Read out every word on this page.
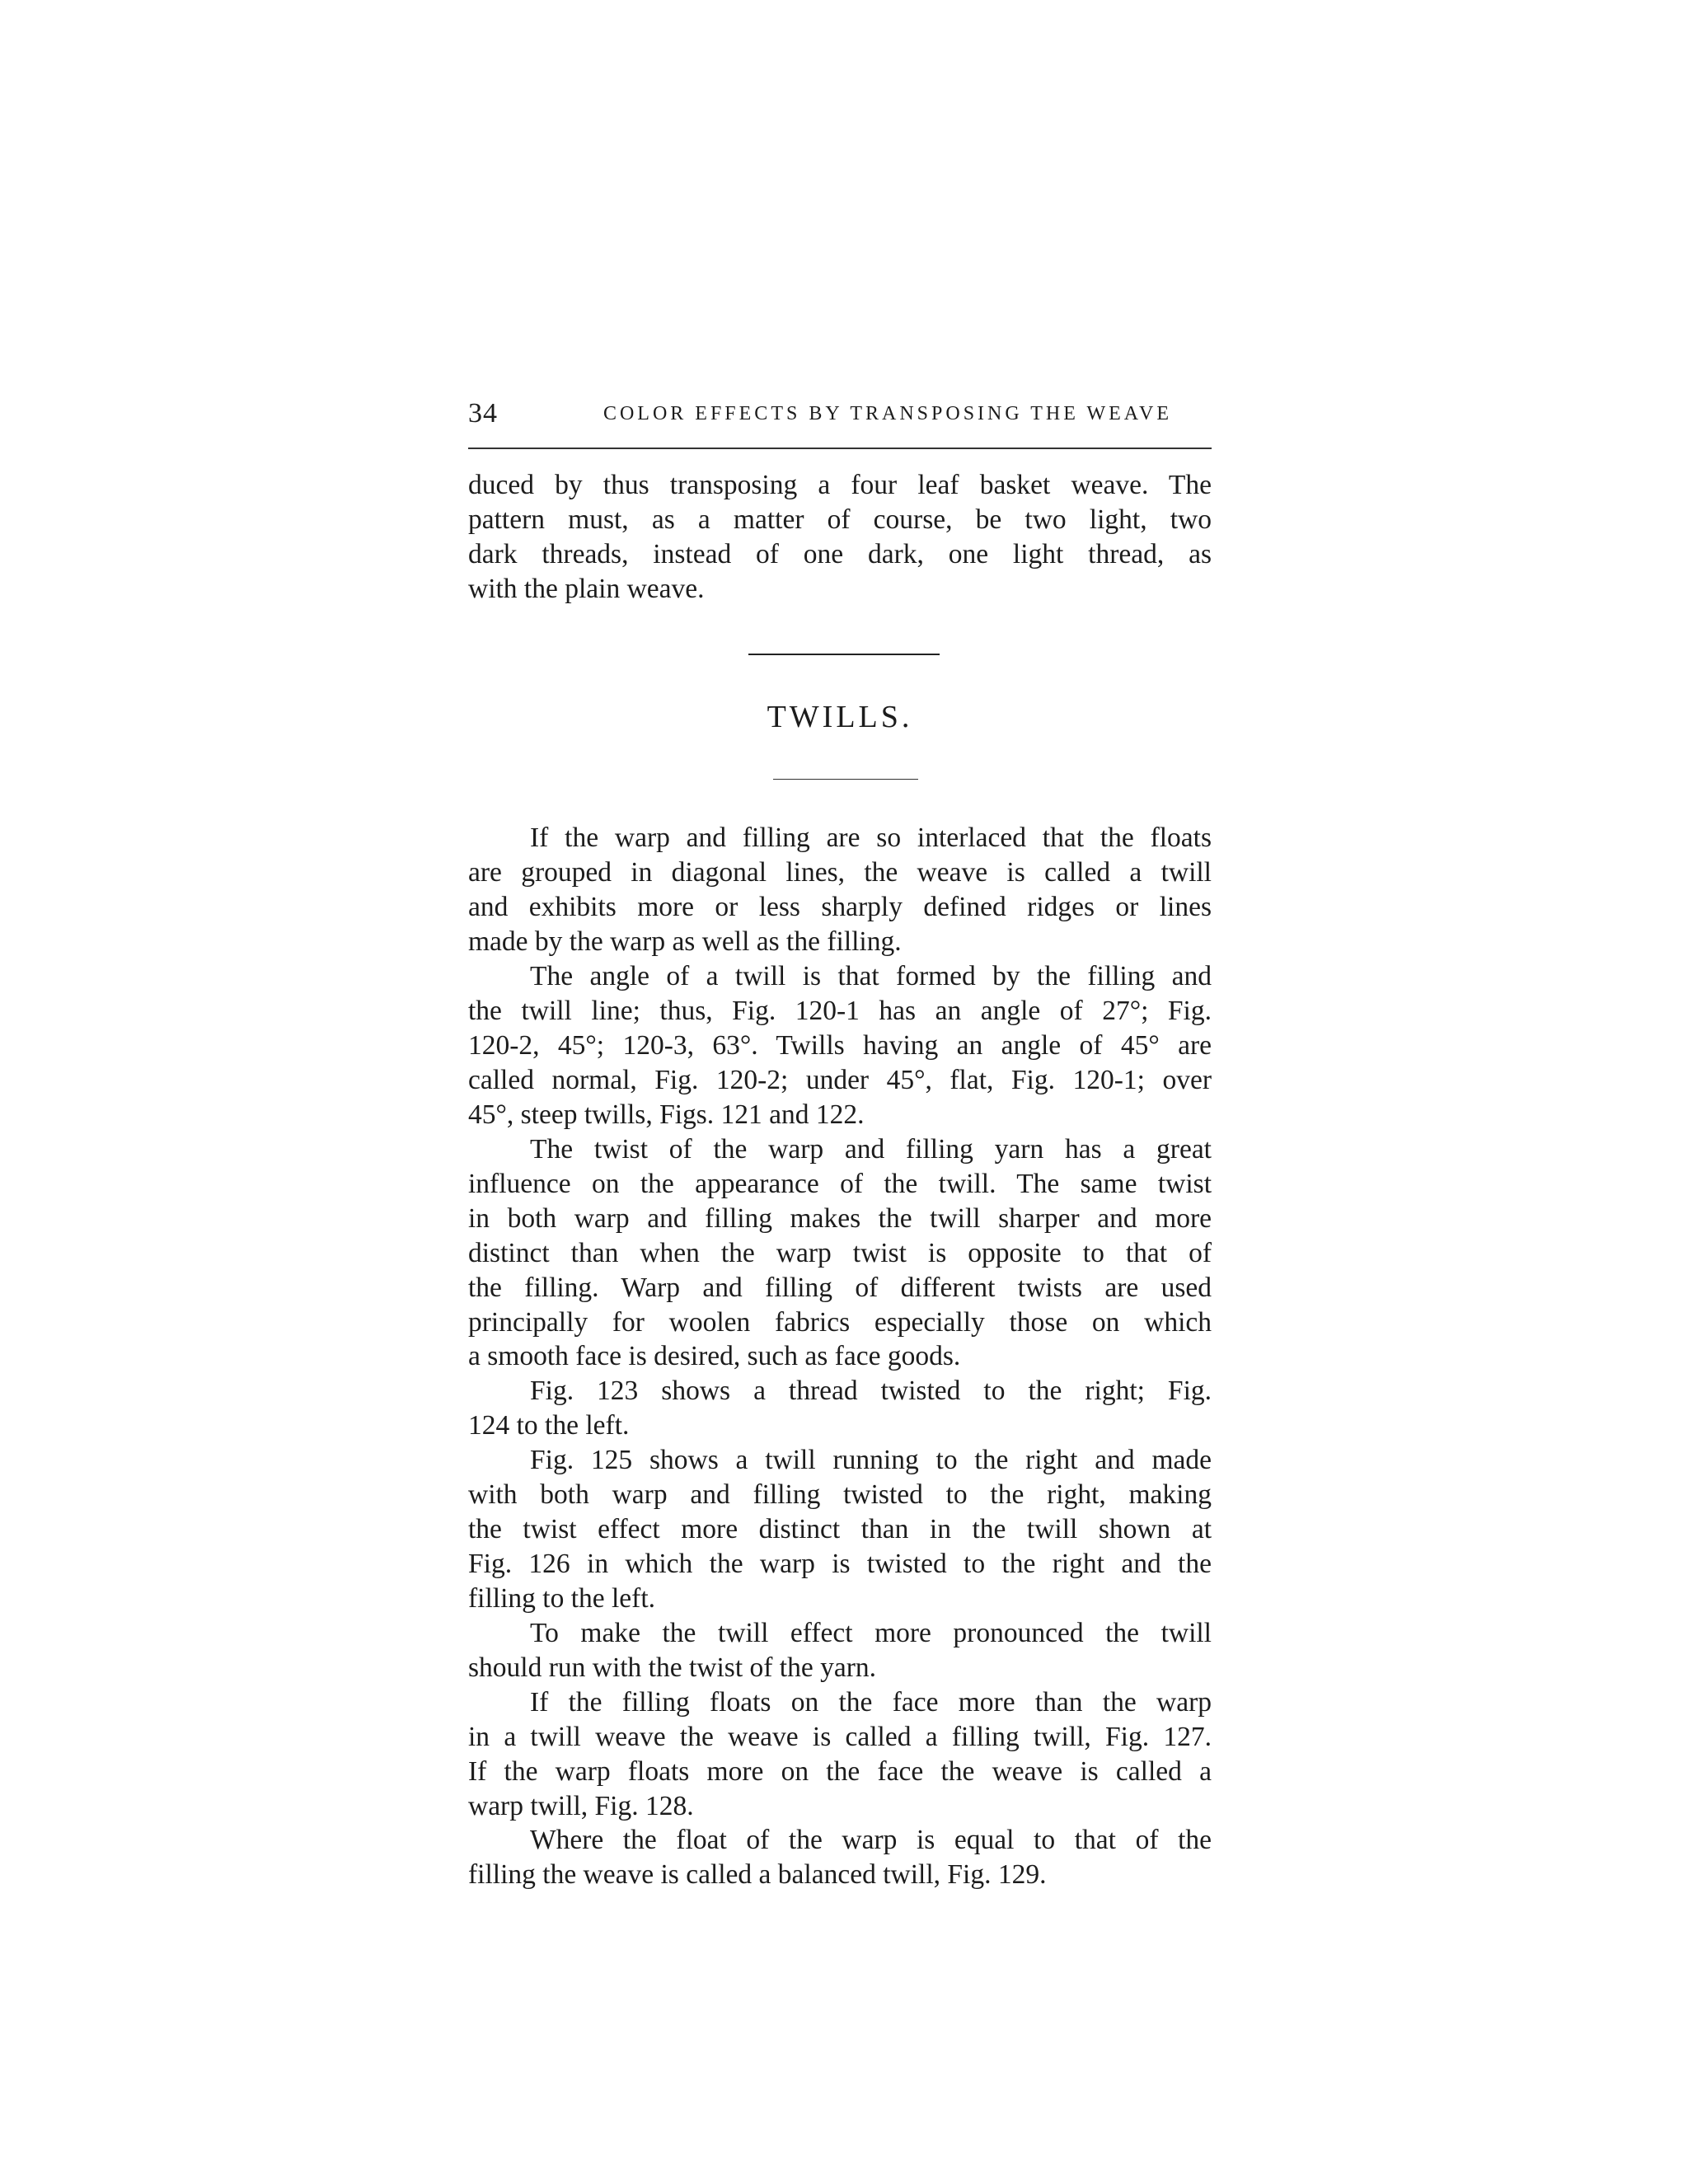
34	COLOR EFFECTS BY TRANSPOSING THE WEAVE

duced by thus transposing a four leaf basket weave. The
pattern must, as a matter of course, be two light, two
dark threads, instead of one dark, one light thread, as
with the plain weave.

TWILLS.

If the warp and filling are so interlaced that the floats
are grouped in diagonal lines, the weave is called a twill
and exhibits more or less sharply defined ridges or lines
made by the warp as well as the filling.

The angle of a twill is that formed by the filling and
the twill line; thus, Fig. 120-1 has an angle of 27°; Fig.
120-2, 45°; 120-3, 63°. Twills having an angle of 45° are
called normal, Fig. 120-2; under 45°, flat, Fig. 120-1; over
45°, steep twills, Figs. 121 and 122.

The twist of the warp and filling yarn has a great
influence on the appearance of the twill. The same twist
in both warp and filling makes the twill sharper and more
distinct than when the warp twist is opposite to that of
the filling. Warp and filling of different twists are used
principally for woolen fabrics especially those on which
a smooth face is desired, such as face goods.

Fig. 123 shows a thread twisted to the right; Fig.
124 to the left.

Fig. 125 shows a twill running to the right and made
with both warp and filling twisted to the right, making
the twist effect more distinct than in the twill shown at
Fig. 126 in which the warp is twisted to the right and the
filling to the left.

To make the twill effect more pronounced the twill
should run with the twist of the yarn.

If the filling floats on the face more than the warp
in a twill weave the weave is called a filling twill, Fig. 127.
If the warp floats more on the face the weave is called a
warp twill, Fig. 128.

Where the float of the warp is equal to that of the
filling the weave is called a balanced twill, Fig. 129.
